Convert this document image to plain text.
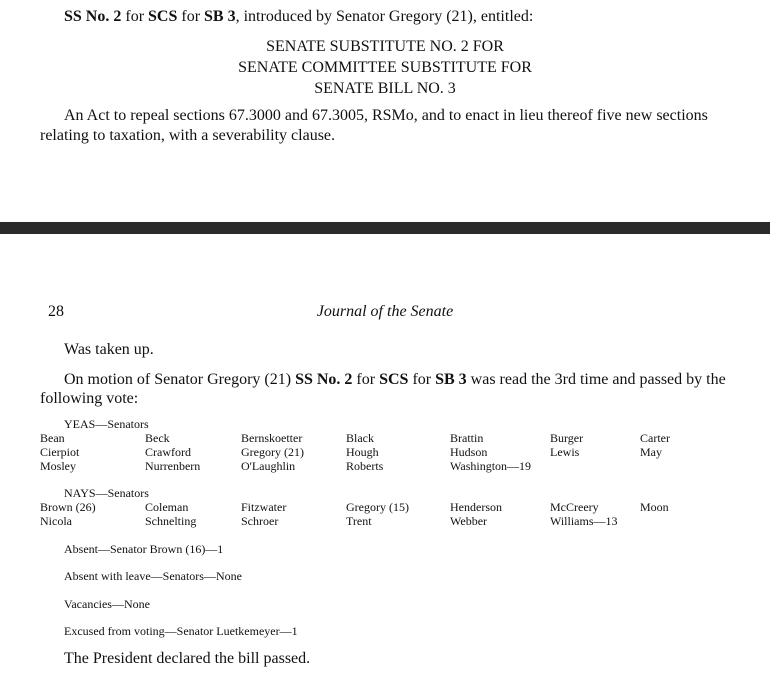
SS No. 2 for SCS for SB 3, introduced by Senator Gregory (21), entitled:
SENATE SUBSTITUTE NO. 2 FOR
SENATE COMMITTEE SUBSTITUTE FOR
SENATE BILL NO. 3
An Act to repeal sections 67.3000 and 67.3005, RSMo, and to enact in lieu thereof five new sections relating to taxation, with a severability clause.
28	Journal of the Senate
Was taken up.
On motion of Senator Gregory (21) SS No. 2 for SCS for SB 3 was read the 3rd time and passed by the following vote:
YEAS—Senators
NAYS—Senators
Absent—Senator Brown (16)—1
Absent with leave—Senators—None
Vacancies—None
Excused from voting—Senator Luetkemeyer—1
The President declared the bill passed.
Bean	Beck	Bernskoetter	Black	Brattin	Burger	Carter
Cierpiot	Crawford	Gregory (21)	Hough	Hudson	Lewis	May
Mosley	Nurrenbern	O'Laughlin	Roberts	Washington—19
Brown (26)	Coleman	Fitzwater	Gregory (15)	Henderson	McCreery	Moon
Nicola	Schnelting	Schroer	Trent	Webber	Williams—13
